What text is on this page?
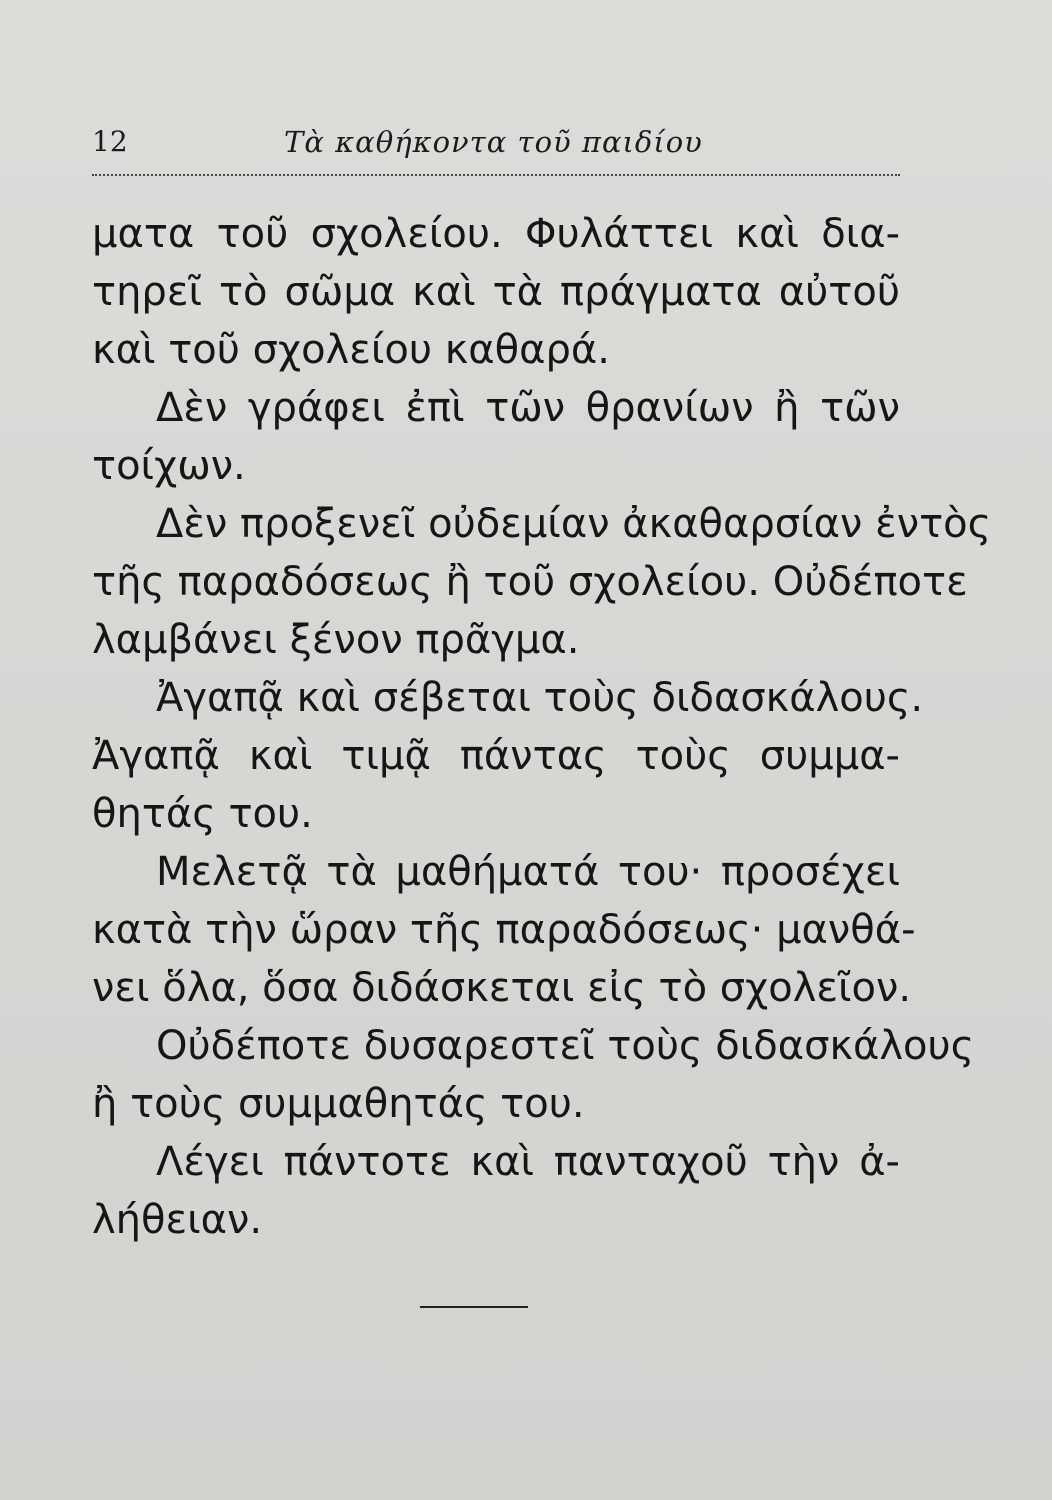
12	Τὰ καθήκοντα τοῦ παιδίου
ματα τοῦ σχολείου. Φυλάττει καὶ δια-
τηρεῖ τὸ σῶμα καὶ τὰ πράγματα αὐτοῦ
καὶ τοῦ σχολείου καθαρά.
Δὲν γράφει ἐπὶ τῶν θρανίων ἢ τῶν
τοίχων.
Δὲν προξενεῖ οὐδεμίαν ἀκαθαρσίαν ἐντὸς
τῆς παραδόσεως ἢ τοῦ σχολείου. Οὐδέποτε
λαμβάνει ξένον πρᾶγμα.
Ἀγαπᾷ καὶ σέβεται τοὺς διδασκάλους.
Ἀγαπᾷ καὶ τιμᾷ πάντας τοὺς συμμα-
θητάς του.
Μελετᾷ τὰ μαθήματά του· προσέχει
κατὰ τὴν ὥραν τῆς παραδόσεως· μανθά-
νει ὅλα, ὅσα διδάσκεται εἰς τὸ σχολεῖον.
Οὐδέποτε δυσαρεστεῖ τοὺς διδασκάλους
ἢ τοὺς συμμαθητάς του.
Λέγει πάντοτε καὶ πανταχοῦ τὴν ἀ-
λήθειαν.
